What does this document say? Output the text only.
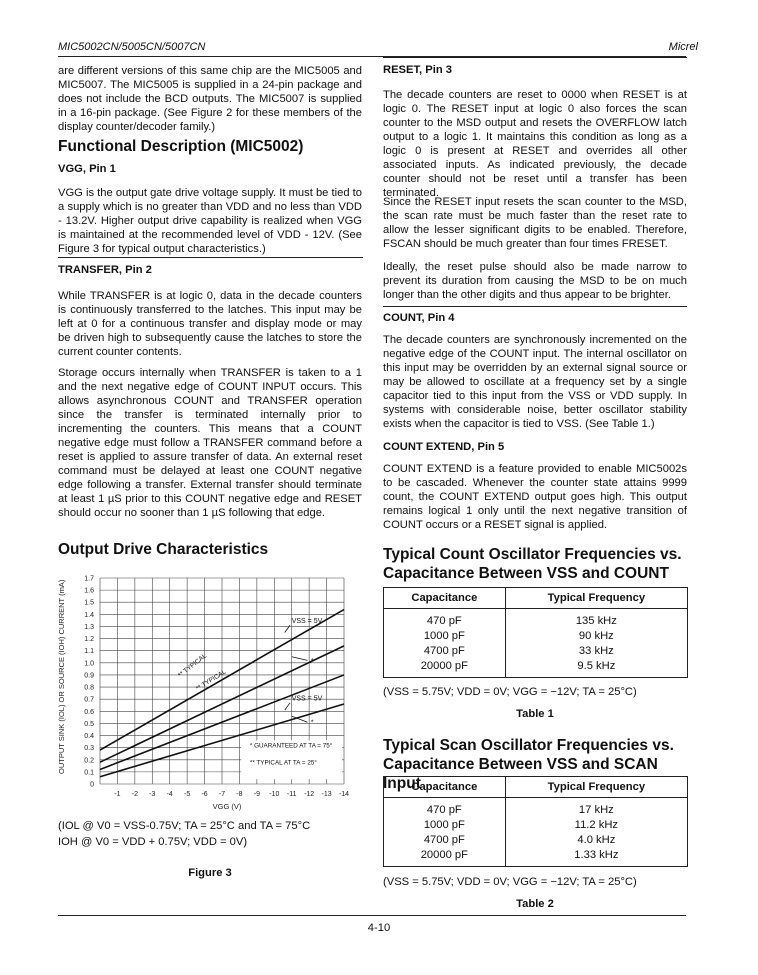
MIC5002CN/5005CN/5007CN	Micrel

are different versions of this same chip are the MIC5005 and MIC5007. The MIC5005 is supplied in a 24-pin package and does not include the BCD outputs. The MIC5007 is supplied in a 16-pin package. (See Figure 2 for these members of the display counter/decoder family.)

Functional Description (MIC5002)
VGG, Pin 1

VGG is the output gate drive voltage supply. It must be tied to a supply which is no greater than VDD and no less than VDD - 13.2V. Higher output drive capability is realized when VGG is maintained at the recommended level of VDD - 12V. (See Figure 3 for typical output characteristics.)

TRANSFER, Pin 2

While TRANSFER is at logic 0, data in the decade counters is continuously transferred to the latches. This input may be left at 0 for a continuous transfer and display mode or may be driven high to subsequently cause the latches to store the current counter contents.

Storage occurs internally when TRANSFER is taken to a 1 and the next negative edge of COUNT INPUT occurs. This allows asynchronous COUNT and TRANSFER operation since the transfer is terminated internally prior to incrementing the counters. This means that a COUNT negative edge must follow a TRANSFER command before a reset is applied to assure transfer of data. An external reset command must be delayed at least one COUNT negative edge following a transfer. External transfer should terminate at least 1 µS prior to this COUNT negative edge and RESET should occur no sooner than 1 µS following that edge.

Output Drive Characteristics
0
0.1
0.2
0.3
0.4
0.5
0.6
0.7
0.8
0.9
1.0
1.1
1.2
1.3
1.4
1.5
1.6
1.7
-1 -2 -3 -4 -5 -6 -7 -8 -9 -10 -11 -12 -13 -14
OUTPUT SINK (IOL) OR SOURCE (IOH) CURRENT (mA)
VGG (V)
VSS = 5V
VSS = 5V
*
*
** TYPICAL
** TYPICAL
* GUARANTEED AT TA = 75°
** TYPICAL AT TA = 25°
(IOL @ V0 = VSS-0.75V; TA = 25°C and TA = 75°C
IOH @ V0 = VDD + 0.75V; VDD = 0V)
Figure 3
RESET, Pin 3

The decade counters are reset to 0000 when RESET is at logic 0. The RESET input at logic 0 also forces the scan counter to the MSD output and resets the OVERFLOW latch output to a logic 1. It maintains this condition as long as a logic 0 is present at RESET and overrides all other associated inputs. As indicated previously, the decade counter should not be reset until a transfer has been terminated.

Since the RESET input resets the scan counter to the MSD, the scan rate must be much faster than the reset rate to allow the lesser significant digits to be enabled. Therefore, FSCAN should be much greater than four times FRESET.

Ideally, the reset pulse should also be made narrow to prevent its duration from causing the MSD to be on much longer than the other digits and thus appear to be brighter.

COUNT, Pin 4

The decade counters are synchronously incremented on the negative edge of the COUNT input. The internal oscillator on this input may be overridden by an external signal source or may be allowed to oscillate at a frequency set by a single capacitor tied to this input from the VSS or VDD supply. In systems with considerable noise, better oscillator stability exists when the capacitor is tied to VSS. (See Table 1.)

COUNT EXTEND, Pin 5

COUNT EXTEND is a feature provided to enable MIC5002s to be cascaded. Whenever the counter state attains 9999 count, the COUNT EXTEND output goes high. This output remains logical 1 only until the next negative transition of COUNT occurs or a RESET signal is applied.

Typical Count Oscillator Frequencies vs. Capacitance Between VSS and COUNT
Capacitance	Typical Frequency
470 pF	135 kHz
1000 pF	90 kHz
4700 pF	33 kHz
20000 pF	9.5 kHz
(VSS = 5.75V; VDD = 0V; VGG = −12V; TA = 25°C)
Table 1
Typical Scan Oscillator Frequencies vs. Capacitance Between VSS and SCAN Input
Capacitance	Typical Frequency
470 pF	17 kHz
1000 pF	11.2 kHz
4700 pF	4.0 kHz
20000 pF	1.33 kHz
(VSS = 5.75V; VDD = 0V; VGG = −12V; TA = 25°C)
Table 2
4-10
